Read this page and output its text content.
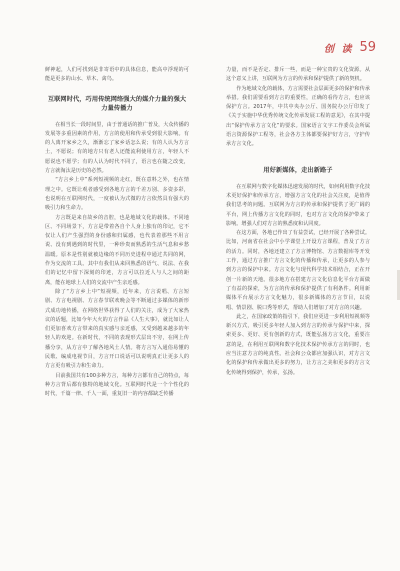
创 读 59

鲜神起，人们可找到是非寄语中的具体信息，能高中浮现的可能是更多的山水、草木、禽鸟。

互联网时代，巧用传统网络强大的媒介力量的强大力量传播力

在相当长一段时间里，由于普通话的推广普及，大众传播的发展等多重因素的作用，方言的使用和传承受到很大影响。有的人离开家乡之久，渐渐忘了家乡话怎么说；有的人认为方言土，不愿说；有的地方只有老人还能流利使用方言，年轻人不愿说也不愿学；有的人认为时代不同了，语言也在随之改变，方言就淘汰是历史的必然。

“方言乡上中”系列短视频的走红，既在意料之外，也在情理之中。它既让观者感受到各地方言的千差万别、多姿多彩，也说明在互联网时代，一度被认为式微的方言依然具有强大的吸引力和生命力。

方言既是来自故乡的音腔，也是地域文化的载体。不同地区、不同场景下，方言是带着各自个人身上独有的印记，它不仅让人们产生强烈的身份感和归属感，也代表着那些不用言说、没有到遇到的时代里，一种珍贵而熟悉的生活气息和乡愁温暖。原本是性别就被边缘的不同历史进程中通过共同的网，作为交流的工具。其中有我们从来回熟悉的语气、说法、在我们的记忆中留下深刻的印迹，方言可以拉近人与人之间的距离，能在地球上人们的交流中产生亲近感。

除了“方言乡上中”短视频，近年来，方言说唱、方言短剧、方言电视剧、方言春节联欢晚会等不断通过多媒体的新形式成功地传播，在网络世界获得了人们的关注，成为了大家热议的话题，比如今年大火的方言作品《人生大事》，就比如让人们更加喜欢方言带来的真实感与亲近感，又受到越来越多的年轻人的欢迎。在新时代，不同的表现形式层出不穷，在网上传播分享，从方言中了解各地风土人情。将方言写入通俗易懂的民歌、编成电视节目，方言开口说话可以说明真正让更多人的方言更有吸引力和生命力。

目前我国共有100多种方言，每种方言都有自己的特点，每种方言背后都有独特的地域文化。互联网时代是一个个性化的时代，千篇一律、千人一面，重复旧一的内容都缺乏传播

力量，而不是否定、排斥一些，而是一种宝贵的文化资源。从这个意义上讲，互联网为方言的传承和保护提供了新的契机。

作为地域文化的载体，方言需要社会层面更多的保护和传承举措。我们需要看到方言的重要性，正确的看待方言，也应该保护方言。2017年，中共中央办公厅、国务院办公厅印发了《关于实施中华优秀传统文化传承发展工程的意见》，在其中提出“保护传承方言文化”的要求。国家语言文字工作委员会所属语言资源保护工程等，社会各方主体都要保护好方言，守护传承方言文化。

用好新媒体，走出新路子

在互联网与数字化媒体迅速发展的时代，如何利用数字化技术更好保护和传承方言，增强方言文化的社会关注度，是值得我们思考的问题。互联网为方言的传承和保护提供了更广阔的平台，网上传播方言文化的同时，也对方言文化的保护带来了影响。增强人们对方言的熟悉度和认同度。

在这方面，各地已作出了有益尝试，已经开展了各种尝试。比如，河南省在社会中小学课堂上开设方言课程，普及了方言的活力。同时，各地还建立了方言博物馆、方言数据库等开发工作，通过方言推广方言文化的传播和传承，让更多的人参与到方言的保护中来。方言文化与现代科学技术相结合，正在开创一片新的天地。很多地方在搭建方言文化信息化平台方面做了有益的探索，为方言的传承和保护提供了有利条件。利用新媒体平台展示方言文化魅力，很多新媒体的方言节目，以说唱、情景剧、脱口秀等形式，帮助人们增加了对方言的兴趣。

此之，在国家政策的指引下，我们应更进一步利用短视频等新兴方式，吸引更多年轻人加入到方言的传承与保护中来，探索更多、更好、更有创新的方式，既能弘扬方言文化，重要注意的是，在利用互联网和数字化技术保护传承方言的同时，也应当注意方言的纯真性。社会和公众都应加强认识，对方言文化的保护和传承做出更多的努力，让方言之美和更多的方言文化传统得到保护，传承，弘扬。
